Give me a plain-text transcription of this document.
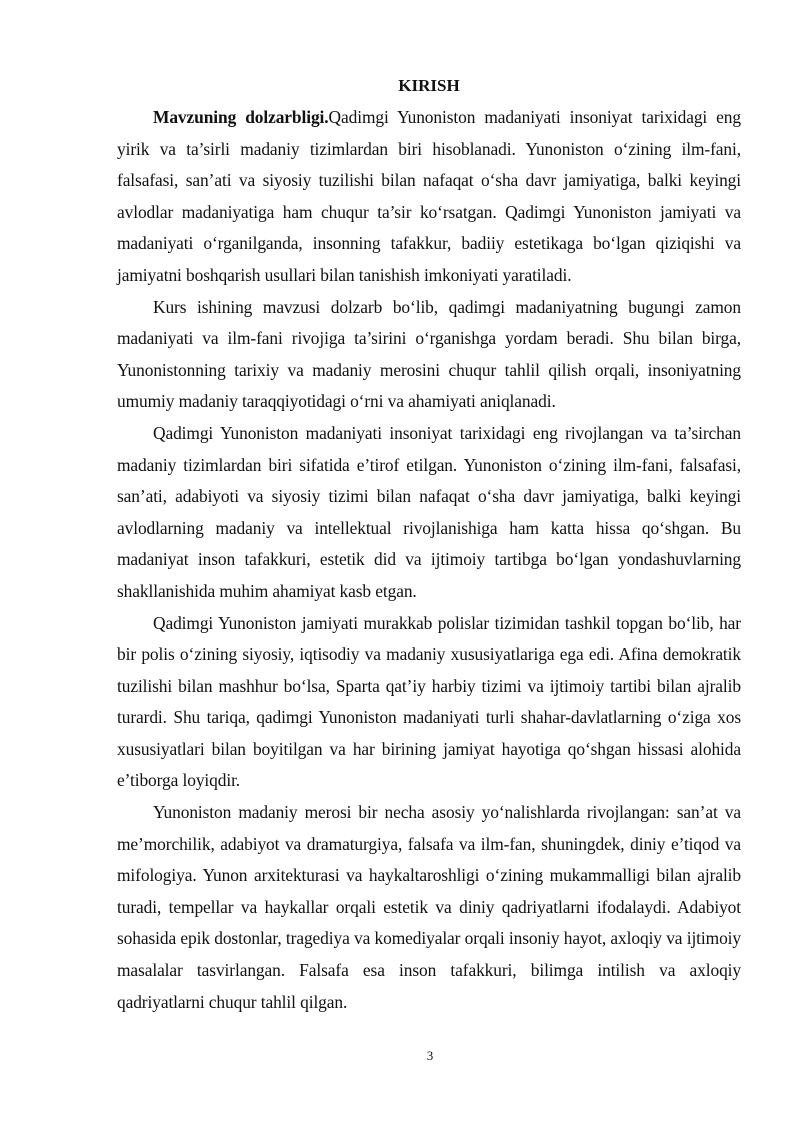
KIRISH

Mavzuning dolzarbligi.Qadimgi Yunoniston madaniyati insoniyat tarixidagi eng yirik va ta’sirli madaniy tizimlardan biri hisoblanadi. Yunoniston o‘zining ilm-fani, falsafasi, san’ati va siyosiy tuzilishi bilan nafaqat o‘sha davr jamiyatiga, balki keyingi avlodlar madaniyatiga ham chuqur ta’sir ko‘rsatgan. Qadimgi Yunoniston jamiyati va madaniyati o‘rganilganda, insonning tafakkur, badiiy estetikaga bo‘lgan qiziqishi va jamiyatni boshqarish usullari bilan tanishish imkoniyati yaratiladi.

Kurs ishining mavzusi dolzarb bo‘lib, qadimgi madaniyatning bugungi zamon madaniyati va ilm-fani rivojiga ta’sirini o‘rganishga yordam beradi. Shu bilan birga, Yunonistonning tarixiy va madaniy merosini chuqur tahlil qilish orqali, insoniyatning umumiy madaniy taraqqiyotidagi o‘rni va ahamiyati aniqlanadi.

Qadimgi Yunoniston madaniyati insoniyat tarixidagi eng rivojlangan va ta’sirchan madaniy tizimlardan biri sifatida e’tirof etilgan. Yunoniston o‘zining ilm-fani, falsafasi, san’ati, adabiyoti va siyosiy tizimi bilan nafaqat o‘sha davr jamiyatiga, balki keyingi avlodlarning madaniy va intellektual rivojlanishiga ham katta hissa qo‘shgan. Bu madaniyat inson tafakkuri, estetik did va ijtimoiy tartibga bo‘lgan yondashuvlarning shakllanishida muhim ahamiyat kasb etgan.

Qadimgi Yunoniston jamiyati murakkab polislar tizimidan tashkil topgan bo‘lib, har bir polis o‘zining siyosiy, iqtisodiy va madaniy xususiyatlariga ega edi. Afina demokratik tuzilishi bilan mashhur bo‘lsa, Sparta qat’iy harbiy tizimi va ijtimoiy tartibi bilan ajralib turardi. Shu tariqa, qadimgi Yunoniston madaniyati turli shahar-davlatlarning o‘ziga xos xususiyatlari bilan boyitilgan va har birining jamiyat hayotiga qo‘shgan hissasi alohida e’tiborga loyiqdir.

Yunoniston madaniy merosi bir necha asosiy yo‘nalishlarda rivojlangan: san’at va me’morchilik, adabiyot va dramaturgiya, falsafa va ilm-fan, shuningdek, diniy e’tiqod va mifologiya. Yunon arxitekturasi va haykaltaroshligi o‘zining mukammalligi bilan ajralib turadi, tempellar va haykallar orqali estetik va diniy qadriyatlarni ifodalaydi. Adabiyot sohasida epik dostonlar, tragediya va komediyalar orqali insoniy hayot, axloqiy va ijtimoiy masalalar tasvirlangan. Falsafa esa inson tafakkuri, bilimga intilish va axloqiy qadriyatlarni chuqur tahlil qilgan.

3
